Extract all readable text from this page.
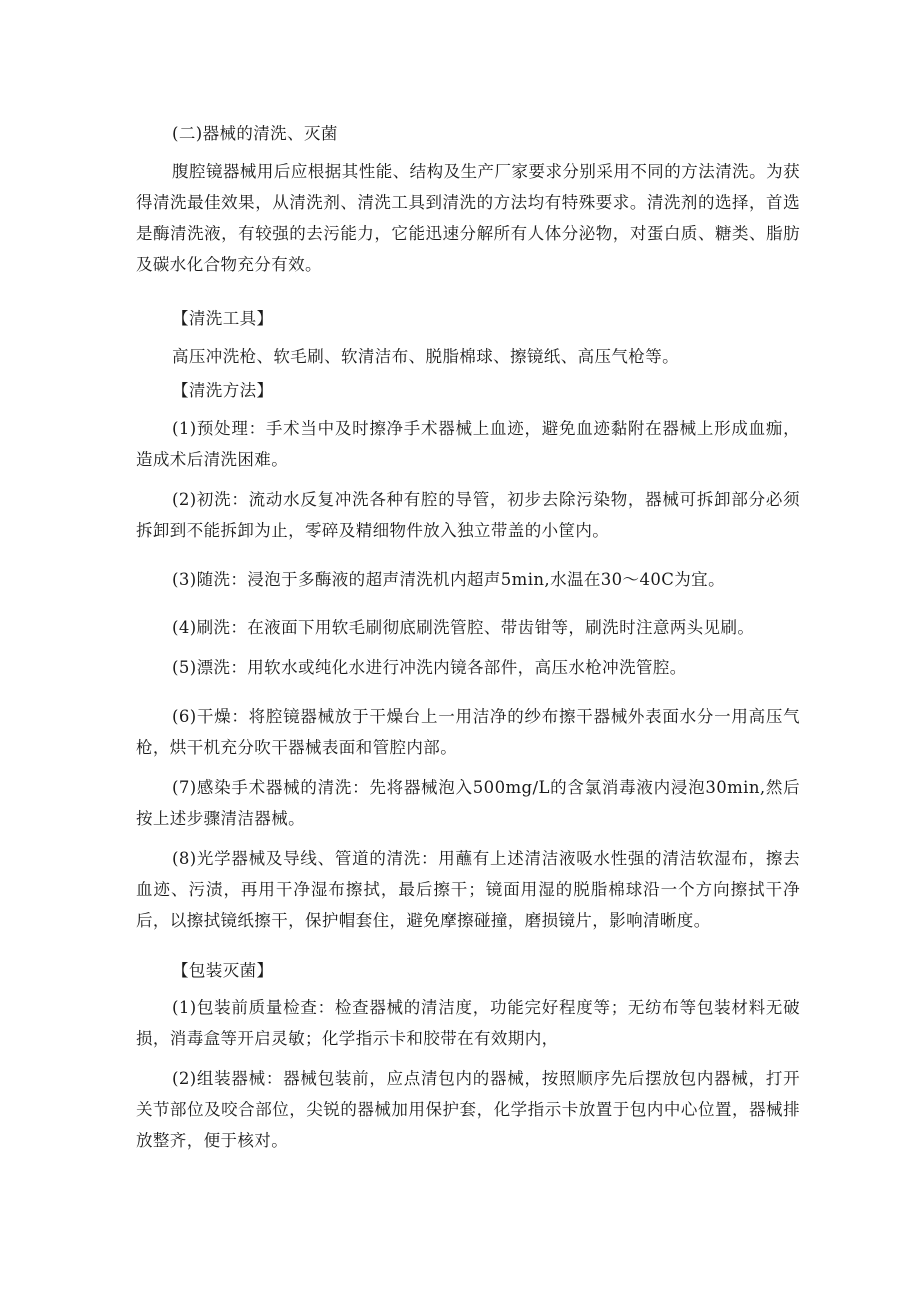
(二)器械的清洗、灭菌

腹腔镜器械用后应根据其性能、结构及生产厂家要求分别采用不同的方法清洗。为获得清洗最佳效果，从清洗剂、清洗工具到清洗的方法均有特殊要求。清洗剂的选择，首选是酶清洗液，有较强的去污能力，它能迅速分解所有人体分泌物，对蛋白质、糖类、脂肪及碳水化合物充分有效。

【清洗工具】

高压冲洗枪、软毛刷、软清洁布、脱脂棉球、擦镜纸、高压气枪等。

【清洗方法】

(1)预处理：手术当中及时擦净手术器械上血迹，避免血迹黏附在器械上形成血痂，造成术后清洗困难。

(2)初洗：流动水反复冲洗各种有腔的导管，初步去除污染物，器械可拆卸部分必须拆卸到不能拆卸为止，零碎及精细物件放入独立带盖的小筐内。

(3)随洗：浸泡于多酶液的超声清洗机内超声5min,水温在30～40C为宜。

(4)刷洗：在液面下用软毛刷彻底刷洗管腔、带齿钳等，刷洗时注意两头见刷。

(5)漂洗：用软水或纯化水进行冲洗内镜各部件，高压水枪冲洗管腔。

(6)干燥：将腔镜器械放于干燥台上一用洁净的纱布擦干器械外表面水分一用高压气枪，烘干机充分吹干器械表面和管腔内部。

(7)感染手术器械的清洗：先将器械泡入500mg∕L的含氯消毒液内浸泡30min,然后按上述步骤清洁器械。

(8)光学器械及导线、管道的清洗：用蘸有上述清洁液吸水性强的清洁软湿布，擦去血迹、污渍，再用干净湿布擦拭，最后擦干；镜面用湿的脱脂棉球沿一个方向擦拭干净后，以擦拭镜纸擦干，保护帽套住，避免摩擦碰撞，磨损镜片，影响清晰度。

【包装灭菌】

(1)包装前质量检查：检查器械的清洁度，功能完好程度等；无纺布等包装材料无破损，消毒盒等开启灵敏；化学指示卡和胶带在有效期内，

(2)组装器械：器械包装前，应点清包内的器械，按照顺序先后摆放包内器械，打开关节部位及咬合部位，尖锐的器械加用保护套，化学指示卡放置于包内中心位置，器械排放整齐，便于核对。
